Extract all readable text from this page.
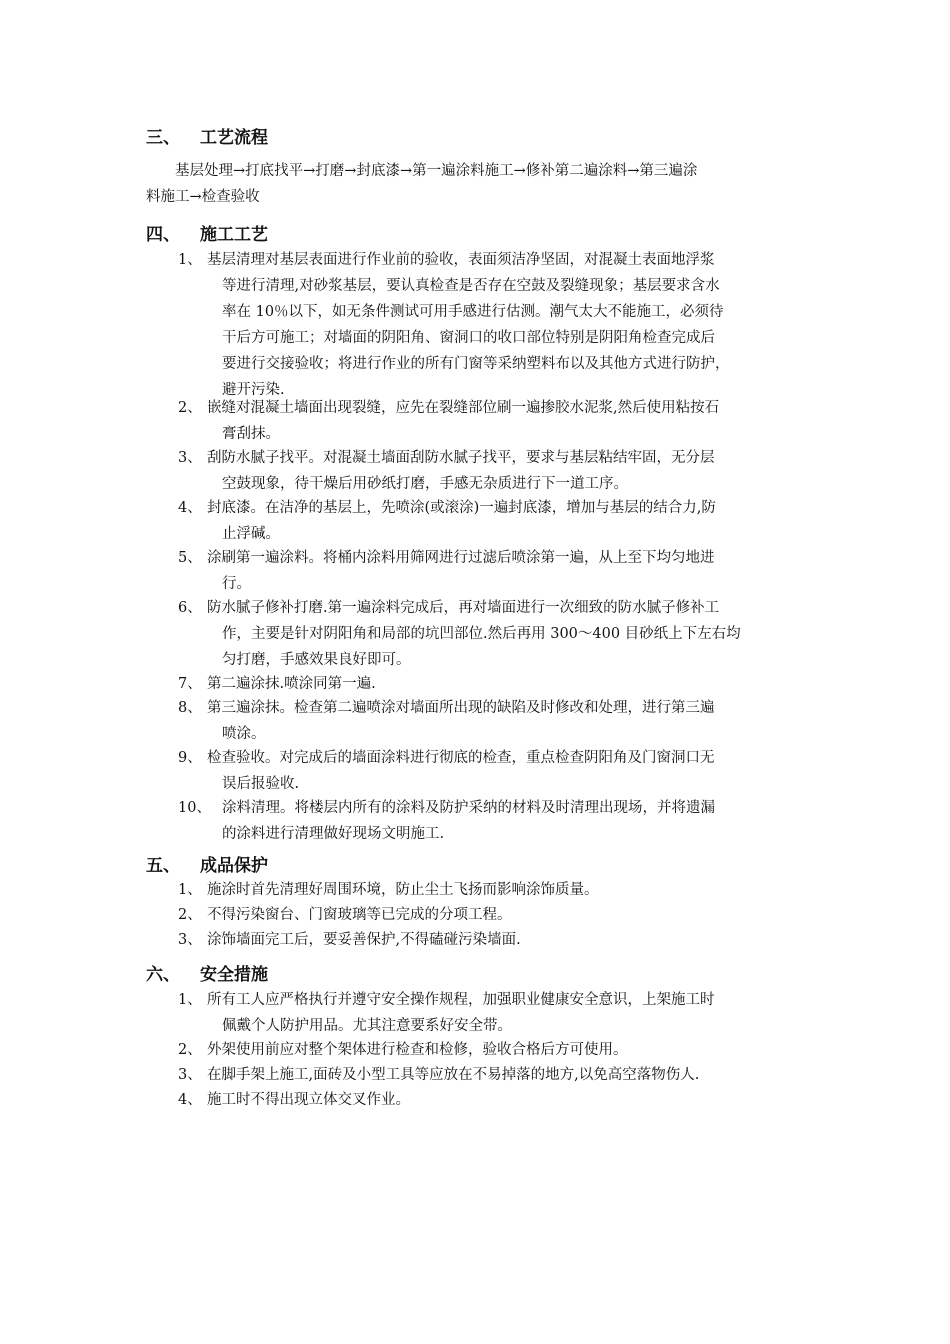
三、 工艺流程
基层处理→打底找平→打磨→封底漆→第一遍涂料施工→修补第二遍涂料→第三遍涂
料施工→检查验收
四、 施工工艺
1、 基层清理对基层表面进行作业前的验收，表面须洁净坚固，对混凝土表面地浮浆
等进行清理,对砂浆基层，要认真检查是否存在空鼓及裂缝现象；基层要求含水
率在 10％以下，如无条件测试可用手感进行估测。潮气太大不能施工，必须待
干后方可施工；对墙面的阴阳角、窗洞口的收口部位特别是阴阳角检查完成后
要进行交接验收；将进行作业的所有门窗等采纳塑料布以及其他方式进行防护，
避开污染.
2、 嵌缝对混凝土墙面出现裂缝，应先在裂缝部位刷一遍掺胶水泥浆,然后使用粘按石
膏刮抹。
3、 刮防水腻子找平。对混凝土墙面刮防水腻子找平，要求与基层粘结牢固，无分层
空鼓现象，待干燥后用砂纸打磨，手感无杂质进行下一道工序。
4、 封底漆。在洁净的基层上，先喷涂(或滚涂)一遍封底漆，增加与基层的结合力,防
止浮碱。
5、 涂刷第一遍涂料。将桶内涂料用筛网进行过滤后喷涂第一遍，从上至下均匀地进
行。
6、 防水腻子修补打磨.第一遍涂料完成后，再对墙面进行一次细致的防水腻子修补工
作，主要是针对阴阳角和局部的坑凹部位.然后再用 300～400 目砂纸上下左右均
匀打磨，手感效果良好即可。
7、 第二遍涂抹.喷涂同第一遍.
8、 第三遍涂抹。检查第二遍喷涂对墙面所出现的缺陷及时修改和处理，进行第三遍
喷涂。
9、 检查验收。对完成后的墙面涂料进行彻底的检查，重点检查阴阳角及门窗洞口无
误后报验收.
10、 涂料清理。将楼层内所有的涂料及防护采纳的材料及时清理出现场，并将遗漏
的涂料进行清理做好现场文明施工.
五、 成品保护
1、 施涂时首先清理好周围环境，防止尘土飞扬而影响涂饰质量。
2、 不得污染窗台、门窗玻璃等已完成的分项工程。
3、 涂饰墙面完工后，要妥善保护,不得磕碰污染墙面.
六、 安全措施
1、 所有工人应严格执行并遵守安全操作规程，加强职业健康安全意识，上架施工时
佩戴个人防护用品。尤其注意要系好安全带。
2、 外架使用前应对整个架体进行检查和检修，验收合格后方可使用。
3、 在脚手架上施工,面砖及小型工具等应放在不易掉落的地方,以免高空落物伤人.
4、 施工时不得出现立体交叉作业。
